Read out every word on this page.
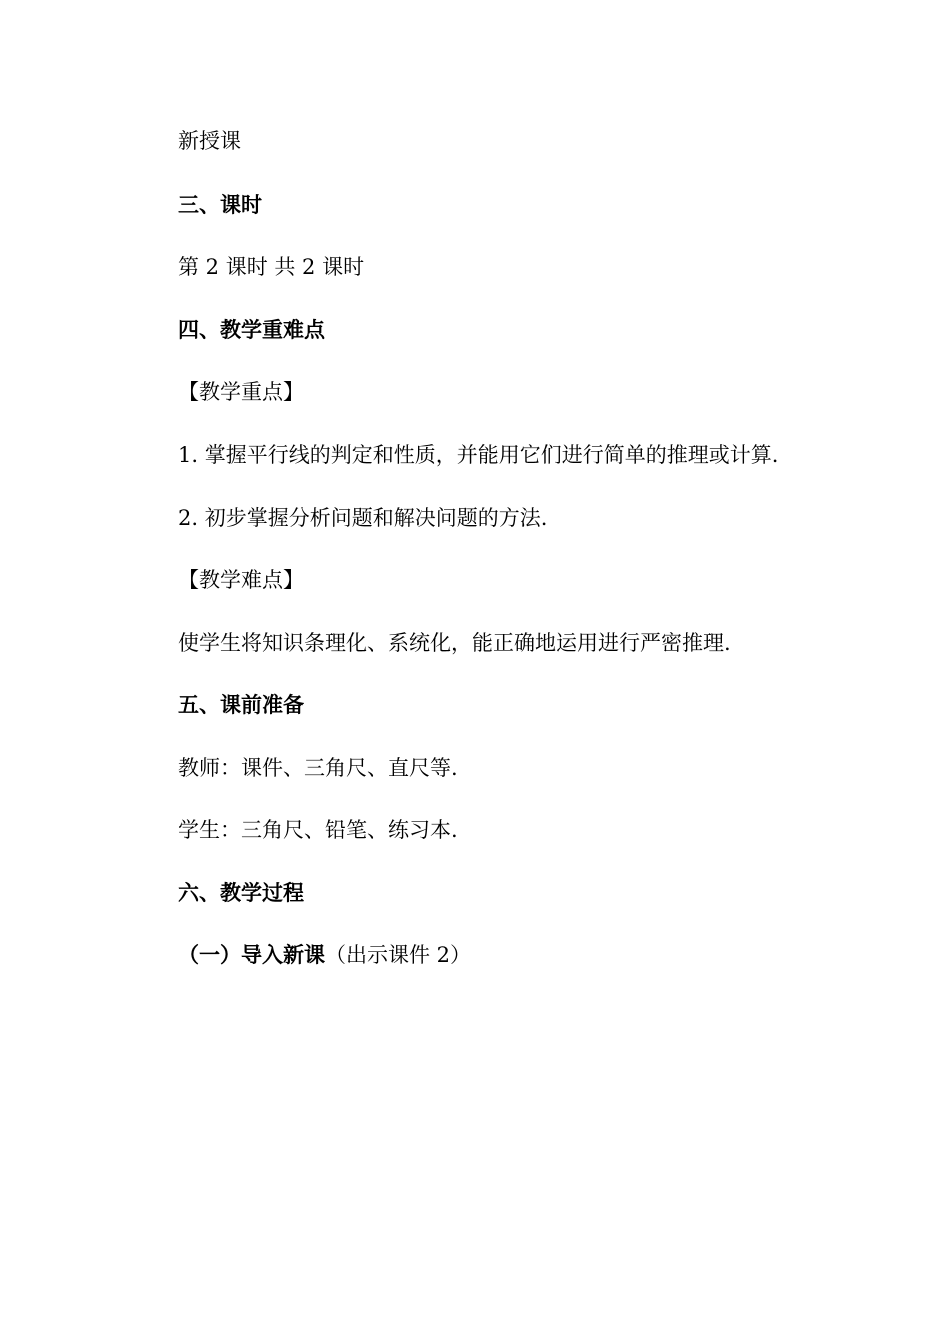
新授课
三、课时
第 2 课时 共 2 课时
四、教学重难点
【教学重点】
1. 掌握平行线的判定和性质，并能用它们进行简单的推理或计算.
2. 初步掌握分析问题和解决问题的方法.
【教学难点】
使学生将知识条理化、系统化，能正确地运用进行严密推理.
五、课前准备
教师：课件、三角尺、直尺等.
学生：三角尺、铅笔、练习本.
六、教学过程
（一）导入新课（出示课件 2）
